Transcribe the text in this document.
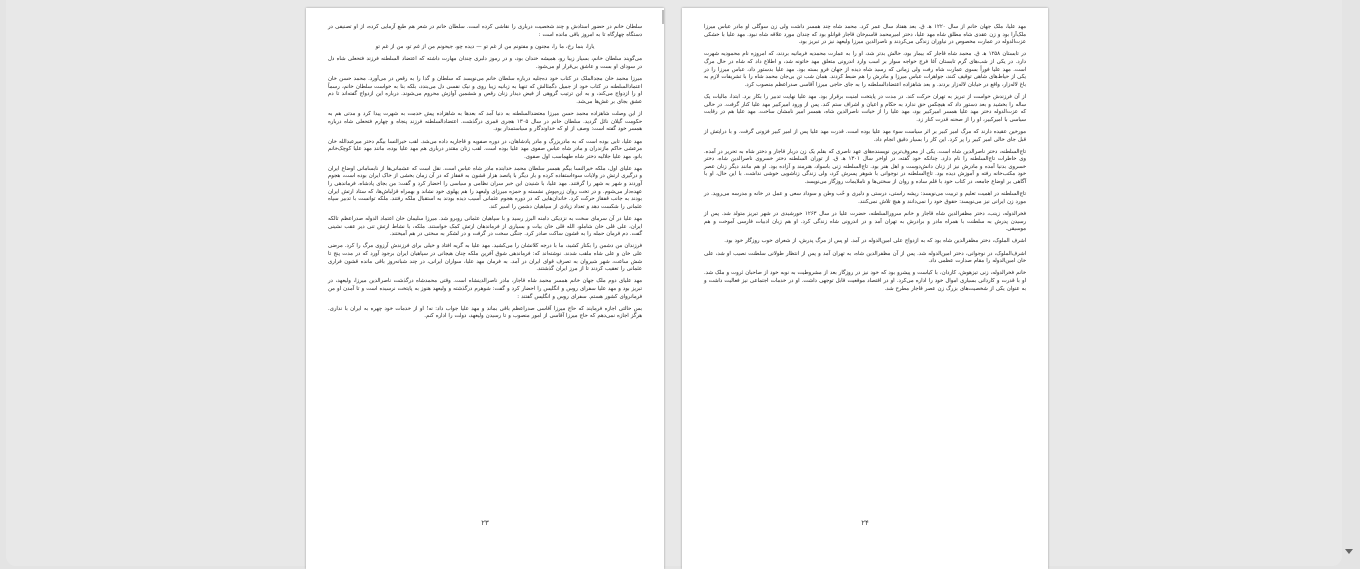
سلطان خانم در حضور استادش و چند شخصیت درباری را نقاشی کرده است. سلطان خانم در شعر هم طبع آزمایی کرده، از او تصنیفی در دستگاه چهارگاه تا به امروز باقی مانده است :

یارا، بنما رخ، ما را، مجنون و مفتونم من از غم تو — دیده چو، جیحونم من از غم تو، من از غم تو

می‌گویند سلطان خانم، بسیار زیبا رو، همیشه خندان بود، و در رموز دلبری چندان مهارت داشته که اعتضاد السلطنه فرزند فتحعلی شاه دل در سودای او بست و عاشق بی‌قرار او می‌شود.

میرزا محمد خان مجدالملک در کتاب خود ده‌جلیه درباره سلطان خانم می‌نویسد که سلطان و گدا را به رقص در می‌آورد. محمد حسن خان اعتمادالسلطنه در کتاب خود از جمیل دگمثالش که تنهیا به زبانیه زیبا روی و نیک نفسی دل می‌بندد، بلکه بنا به خواست سلطان خانم، رسماً او را ازدواج می‌کند، و به این ترتیب گروهی از فیض دیدار زنان رقص و ششمین آوازش محروم می‌شوند. درباره این ازدواج گفته‌اند تا دم عشق بجای بر غش‌ها می‌شد.

از این وصلت شاهزاده محمد حسن میرزا معتضدالسلطنه به دنیا آمد که بعدها به شاهزاده پیش خدمت به شهرت پیدا کرد و مدتی هم به حکومت گیلان نائل گردید. سلطان خانم در سال ۱۳۰۵ هجری قمری درگذشت. اعتضادالسلطنه فرزند پنجاه و چهارم فتحعلی شاه درباره همسر خود گفته است: وصف از او که خداوندگار و سیاستمدار بود.

مهد علیا، تابی بوده است که به مادربزرگ و مادر پادشاهان، در دوره صفویه و قاجاریه داده می‌شد. لقب خیرالنسا بیگم دختر میرعبدالله خان مرعشی حاکم مازندران و مادر شاه عباس صفوی مهد علیا بوده است. لقب زنان مقتدر درباری هم مهد علیا بوده، مانند مهد علیا کوچک‌خانم بانو، مهد علیا جلالیه دختر شاه طهماسب اول صفوی.

مهد علیای اول، ملکه خیرالنسا بیگم همسر سلطان محمد خدابنده مادر شاه عباس است. نقل است که عشمانی‌ها از نابسامانی اوضاع ایران و درگیری ارتش در ولایات سوءاستفاده کرده و بار دیگر با پانصد هزار قشون به قفقاز که در آن زمان بخشی از خاک ایران بوده است، هجوم آوردند و شهر به شهر را گرفتند. مهد علیا، با شنیدن این خبر سران نظامی و سیاسی را احضار کرد و گفت: من بجای پادشاه، فرماندهی را عهده‌دار می‌شوم. و در تخت روان زره‌پوش نشسته و حمزه میرزای ولیعهد را هم پهلوی خود نشاند و بهمراه قزلباش‌ها، که ستاد ارتش ایران بودند به جانب قفقاز حرکت کرد. خاندان‌هایی که در دوره هجوم عثمانی آسیب دیده بودند به استقبال ملکه رفتند. ملکه توانست با تدبیر سپاه عثمانی را شکست دهد و تعداد زیادی از سپاهیان دشمن را اسیر کند.

مهد علیا در آن سرمای سخت به نزدیکی دامنه البرز رسید و با سپاهیان عثمانی روبرو شد. میرزا سلیمان خان اعتماد الدوله صدراعظم تالکه ایران، علی قلی خان شاملو، الله قلی خان بیات و بسیاری از فرماندهان ارتش کمک خواستند. ملکه، با نشاط ارتش تنی دیر عقب نشینی گفت. دم فرمان حمله را به قشون ساکت صادر کرد. جنگی سخت در گرفت و در لشکر به سختی در هم آمیختند.

فرزندان من دشمن را بکنار کشید، ما با درجه کلانشان را می‌کشید. مهد علیا به گریه افتاد و خیلی برای فرزندش آرزوی مرگ را کرد. مرضی علی خان و علی شاه ملقب شدند. نوشته‌اند که: فرماندهی شوق آفرین ملکه چنان هیجانی در سپاهیان ایران برجود آورد که در مدت پنج تا شش ساعت، شهر شیروان به تصرف قوای ایران در آمد. به فرمان مهد علیا، سواران ایرانی، در چند شبانه‌روز باقی مانده قشون فراری عثمانی را تعقیب کردند تا از مرز ایران گذشتند.

مهد علیای دوم ملک جهان خانم همسر محمد شاه قاجار، مادر ناصرالدینشاه است. وقتی محمدشاه درگذشت ناصرالدین میرزا، ولیعهد، در تبریز بود و مهد علیا سفرای روس و انگلیس را احضار کرد و گفت: شوهرم درگذشته و ولیعهد هنوز به پایتخت نرسیده است و تا آمدن او من فرمانروای کشور هستم. سفرای روس و انگلیس گفتند :

بس حالتی اجازه فرمایند که حاج میرزا آقاسی صدراعظم باقی بماند و مهد علیا جواب داد: نه! او از خدمات خود چهره به ایران با نداری. هرگز اجازه نمی‌دهم که حاج میرزا آقاسی از امور منصوب و تا رسیدن ولیعهد، دولت را اداره کنم.

۲۳

مهد علیا، ملک جهان خانم از سال ۱۲۲۰ ه‍. ق. بعد هفتاد سال عمر کرد. محمد شاه چند همسر داشت ولی زن سوگلی او مادر عباس میرزا ملک‌آرا بود و زن عقدی شاه مطلق شاه مهد علیا، دختر امیرمحمد قاسم‌خان قاجار قوانلو بود که چندان مورد علاقه شاه نبود. مهد علیا با خشکی عزت‌الدوله در عمارت مخصوص در نیاوران زندگی می‌کردند و ناصرالدین میرزا ولیعهد نیز در تبریز بود.

در تابستان ۱۲۵۸ ه‍. ق. محمد شاه قاجار که بیمار بود، حالش بدتر شد، او را به عمارت محمدیه فرمانیه بردند، که امروزه نام محمودیه شهرت دارد. در یکی از شب‌های گرم تابستان آغا فرج خواجه سوار بر اسب وارد اندرونی متعلق مهد خاتونه شد، و اطلاع داد که شاه در حال مرگ است. مهد علیا فوراً بسوی عمارت شاه رفت ولی زمانی که رسید شاه دیده از جهان فرو بسته بود. مهد علیا بدستور داد، عباس میرزا را در یکی از حیاط‌های شاهی توقیف کنند، جواهرات عباس میرزا و مادرش را هم ضبط کردند. همان شب تن بی‌جان محمد شاه را با تشریفات لازم به باغ لاله‌زار، واقع در خیابان لاله‌زار بردند. و بعد شاهزاده اعتضادالسلطنه را به جای حاجی میرزا آقاسی صدراعظم منصوب کرد.

از آن فرزندش خواست از تبریز به تهران حرکت کند. در مدت در پایتخت امنیت برقرار بود. مهد علیا نهایت تدبیر را بکار برد. ابتدا، مالیات یک ساله را بخشید و بعد دستور داد که هیچکس حق ندارد به حکام و اعیان و اشراف ستم کند. پس از ورود امیرکبیر مهد علیا کنار گرفت. در حالی که عزت‌الدوله دختر مهد علیا همسر امیرکبیر بود، مهد علیا را از خیانت ناصرالدین شاه، همسر امیر نامشان ساخت. مهد علیا هم در رقابت سیاسی با امیرکبیر، او را از صحنه قدرت کنار زد.

مورخین عقیده دارند که مرگ امیر کبیر بر اثر سیاست سوء مهد علیا بوده است. قدرت مهد علیا پس از امیر کبیر فزونی گرفت. و با درایتش از قبل جای خالی امیر کبیر را پر کرد. این کار را بسیار دقیق انجام داد.

تاج‌السلطنه، دختر ناصرالدین شاه است. یکی از معروف‌ترین نویسنده‌های عهد ناصری که بقلم یک زن دربار قاجار و دختر شاه به تحریر در آمده. وی خاطرات تاج‌السلطنه را نام دارد. چنانکه خود گفته، در اواخر سال ۱۳۰۱ ه‍. ق. از توران السلطنه دختر خسروی ناصرالدین شاه، دختر خسروی بدنیا آمده و مادرش نیز از زنان دانش‌دوست و اهل هنر بود. تاج‌السلطنه زنی باسواد، هنرمند و آزاده بود. او هم مانند دیگر زنان عصر خود مکتب‌خانه رفته و آموزش دیده بود. تاج‌السلطنه در نوجوانی با شوهر پسرش کرد، ولی زندگی زناشویی خوشی نداشت. با این حال، او با آگاهی بر اوضاع جامعه، در کتاب خود با قلم ساده و روان از سختی‌ها و ناملایمات روزگار می‌نویسد.

تاج‌السلطنه در اهمیت تعلیم و تربیت می‌نویسد: ریشه راستی، درستی و دلیری و حُب وطن و سوداد سعی و عمل در خانه و مدرسه می‌روید. در مورد زن ایرانی نیز می‌نویسد: حقوق خود را نمی‌دانند و هیچ تلاش نمی‌کنند.

فخرالدوله، زینب، دختر مظفرالدین شاه قاجار و خانم سرورالسلطنه، حضرت علیا در سال ۱۲۶۳ خورشیدی در شهر تبریز متولد شد. پس از رسیدن پدرش به سلطنت با همراه مادر و برادرش به تهران آمد و در اندرونی شاه زندگی کرد. او هم زبان ادبیات فارسی آموخت و هم موسیقی.

اشرف الملوک، دختر مظفرالدین شاه بود که به ازدواج علی امین‌الدوله در آمد. او پس از مرگ پدرش، از شعرای خوب روزگار خود بود.

اشرف‌الملوک، در نوجوانی، دختر امین‌الدوله شد. پس از آن مظفرالدین شاه، به تهران آمد و پس از انتظار طولانی سلطنت نصیب او شد، علی خان امین‌الدوله را مقام صدارت عظمی داد.

خانم فخرالدوله، زنی تیزهوش، کاردان، با کیاست و پیشرو بود که خود نیز در روزگار بعد از مشروطیت به نوبه خود از صاحبان ثروت و ملک شد. او با قدرت و کاردانی بسیاری اموال خود را اداره می‌کرد. او در اقتصاد موقعیت قابل توجهی داشت. او در خدمات اجتماعی نیز فعالیت داشت و به عنوان یکی از شخصیت‌های بزرگ زن عصر قاجار مطرح شد.

۲۴
